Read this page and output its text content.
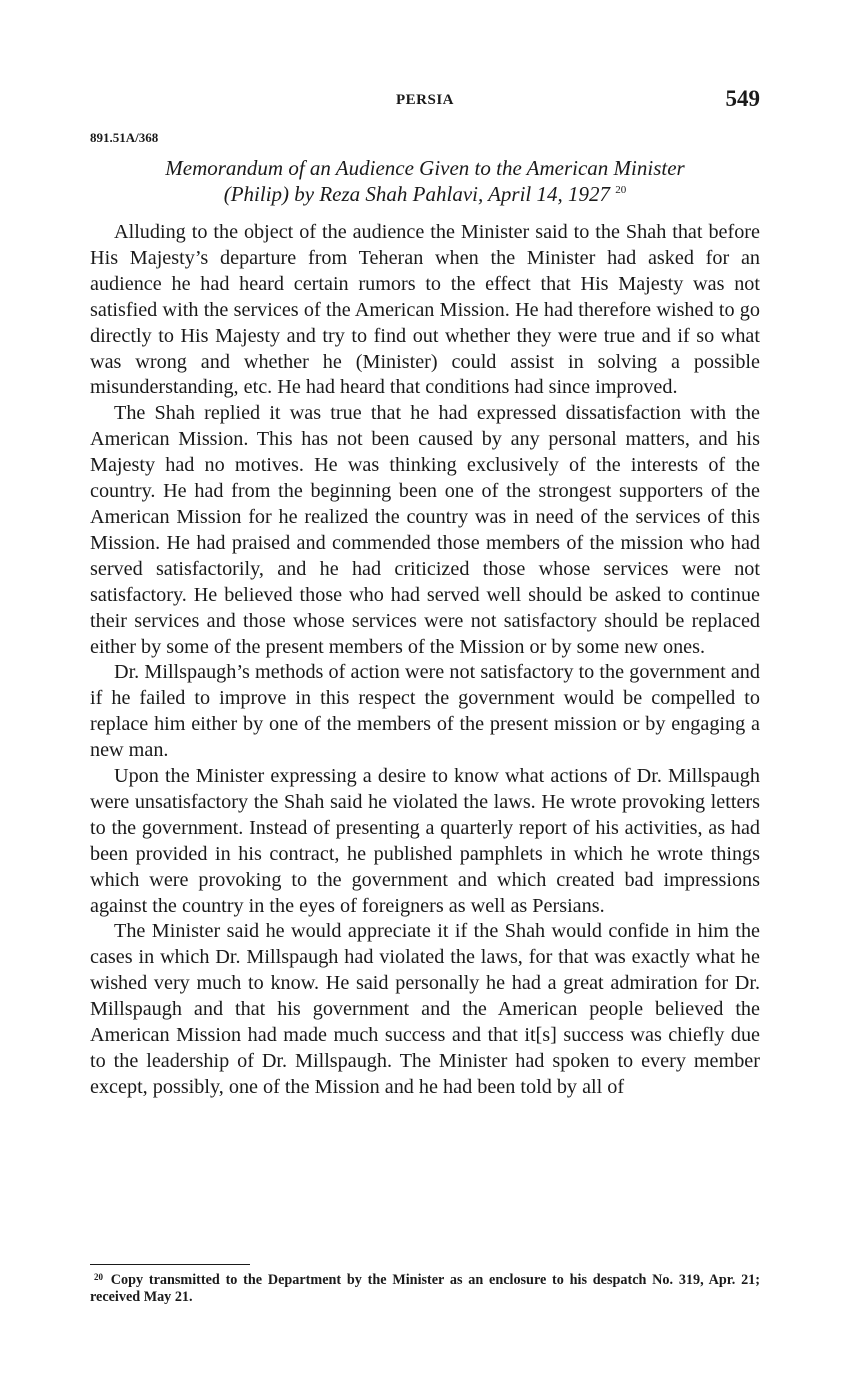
PERSIA	549
891.51A/368
Memorandum of an Audience Given to the American Minister
(Philip) by Reza Shah Pahlavi, April 14, 1927 $^{20}$

Alluding to the object of the audience the Minister said to the Shah that before His Majesty’s departure from Teheran when the Minister had asked for an audience he had heard certain rumors to the effect that His Majesty was not satisfied with the services of the American Mission. He had therefore wished to go directly to His Majesty and try to find out whether they were true and if so what was wrong and whether he (Minister) could assist in solving a possible misunderstanding, etc. He had heard that conditions had since improved.

The Shah replied it was true that he had expressed dissatisfaction with the American Mission. This has not been caused by any personal matters, and his Majesty had no motives. He was thinking exclusively of the interests of the country. He had from the beginning been one of the strongest supporters of the American Mission for he realized the country was in need of the services of this Mission. He had praised and commended those members of the mission who had served satisfactorily, and he had criticized those whose services were not satisfactory. He believed those who had served well should be asked to continue their services and those whose services were not satisfactory should be replaced either by some of the present members of the Mission or by some new ones.

Dr. Millspaugh’s methods of action were not satisfactory to the government and if he failed to improve in this respect the government would be compelled to replace him either by one of the members of the present mission or by engaging a new man.

Upon the Minister expressing a desire to know what actions of Dr. Millspaugh were unsatisfactory the Shah said he violated the laws. He wrote provoking letters to the government. Instead of presenting a quarterly report of his activities, as had been provided in his contract, he published pamphlets in which he wrote things which were provoking to the government and which created bad impressions against the country in the eyes of foreigners as well as Persians.

The Minister said he would appreciate it if the Shah would confide in him the cases in which Dr. Millspaugh had violated the laws, for that was exactly what he wished very much to know. He said personally he had a great admiration for Dr. Millspaugh and that his government and the American people believed the American Mission had made much success and that it[s] success was chiefly due to the leadership of Dr. Millspaugh. The Minister had spoken to every member except, possibly, one of the Mission and he had been told by all of

$^{20}$ Copy transmitted to the Department by the Minister as an enclosure to his despatch No. 319, Apr. 21; received May 21.
